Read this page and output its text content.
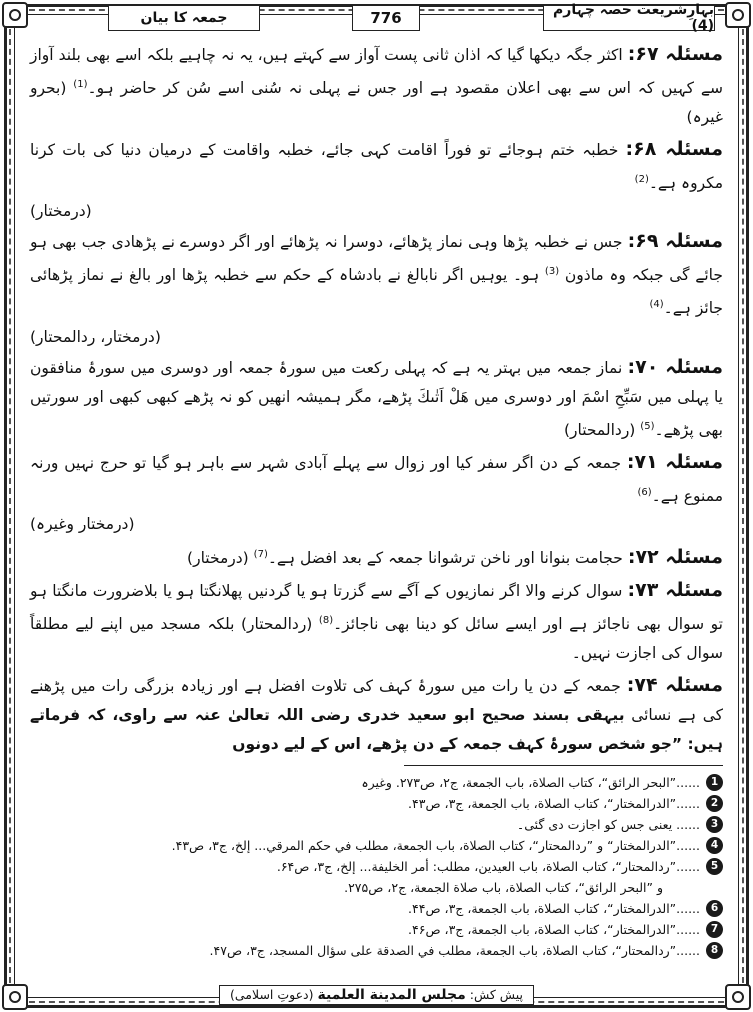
بہارِشریعت حصہ چہارم (4)
776
جمعہ کا بیان

مسئلہ ۶۷: اکثر جگہ دیکھا گیا کہ اذان ثانی پست آواز سے کہتے ہیں، یہ نہ چاہیے بلکہ اسے بھی بلند آواز سے کہیں کہ اس سے بھی اعلان مقصود ہے اور جس نے پہلی نہ سُنی اسے سُن کر حاضر ہو۔$^{(1)}$ (بحرو غیرہ)

مسئلہ ۶۸: خطبہ ختم ہوجائے تو فوراً اقامت کہی جائے، خطبہ واقامت کے درمیان دنیا کی بات کرنا مکروہ ہے۔$^{(2)}$
(درمختار)

مسئلہ ۶۹: جس نے خطبہ پڑھا وہی نماز پڑھائے، دوسرا نہ پڑھائے اور اگر دوسرے نے پڑھادی جب بھی ہو جائے گی جبکہ وہ ماذون $^{(3)}$ ہو۔ یوہیں اگر نابالغ نے بادشاہ کے حکم سے خطبہ پڑھا اور بالغ نے نماز پڑھائی جائز ہے۔$^{(4)}$
(درمختار، ردالمحتار)

مسئلہ ۷۰: نماز جمعہ میں بہتر یہ ہے کہ پہلی رکعت میں سورۂ جمعہ اور دوسری میں سورۂ منافقون یا پہلی میں سَبِّحِ اسْمَ اور دوسری میں هَلْ اَتٰىكَ پڑھے، مگر ہمیشہ انھیں کو نہ پڑھے کبھی کبھی اور سورتیں بھی پڑھے۔$^{(5)}$ (ردالمحتار)

مسئلہ ۷۱: جمعہ کے دن اگر سفر کیا اور زوال سے پہلے آبادی شہر سے باہر ہو گیا تو حرج نہیں ورنہ ممنوع ہے۔$^{(6)}$
(درمختار وغیرہ)

مسئلہ ۷۲: حجامت بنوانا اور ناخن ترشوانا جمعہ کے بعد افضل ہے۔$^{(7)}$ (درمختار)

مسئلہ ۷۳: سوال کرنے والا اگر نمازیوں کے آگے سے گزرتا ہو یا گردنیں پھلانگتا ہو یا بلاضرورت مانگتا ہو تو سوال بھی ناجائز ہے اور ایسے سائل کو دینا بھی ناجائز۔$^{(8)}$ (ردالمحتار) بلکہ مسجد میں اپنے لیے مطلقاً سوال کی اجازت نہیں۔

مسئلہ ۷۴: جمعہ کے دن یا رات میں سورۂ کہف کی تلاوت افضل ہے اور زیادہ بزرگی رات میں پڑھنے کی ہے نسائی بیہقی بسند صحیح ابو سعید خدری رضی اللہ تعالیٰ عنہ سے راوی، کہ فرماتے ہیں: ”جو شخص سورۂ کہف جمعہ کے دن پڑھے، اس کے لیے دونوں

1
......”البحر الرائق“، کتاب الصلاة، باب الجمعة، ج۲، ص۲۷۳. وغیرہ
2
......”الدرالمختار“، کتاب الصلاة، باب الجمعة، ج۳، ص۴۳.
3
...... یعنی جس کو اجازت دی گئی۔
4
......”الدرالمختار“ و ”ردالمحتار“، کتاب الصلاة، باب الجمعة، مطلب في حکم المرقي... إلخ، ج۳، ص۴۳.
5
......”ردالمحتار“، کتاب الصلاة، باب العیدین، مطلب: أمر الخلیفة... إلخ، ج۳، ص۶۴.
و ”البحر الرائق“، کتاب الصلاة، باب صلاة الجمعة، ج۲، ص۲۷۵.
6
......”الدرالمختار“، کتاب الصلاة، باب الجمعة، ج۳، ص۴۴.
7
......”الدرالمختار“، کتاب الصلاة، باب الجمعة، ج۳، ص۴۶.
8
......”ردالمحتار“، کتاب الصلاة، باب الجمعة، مطلب في الصدقة علی سؤال المسجد، ج۳، ص۴۷.
پیش کش: مجلس المدينة العلمية (دعوتِ اسلامی)
